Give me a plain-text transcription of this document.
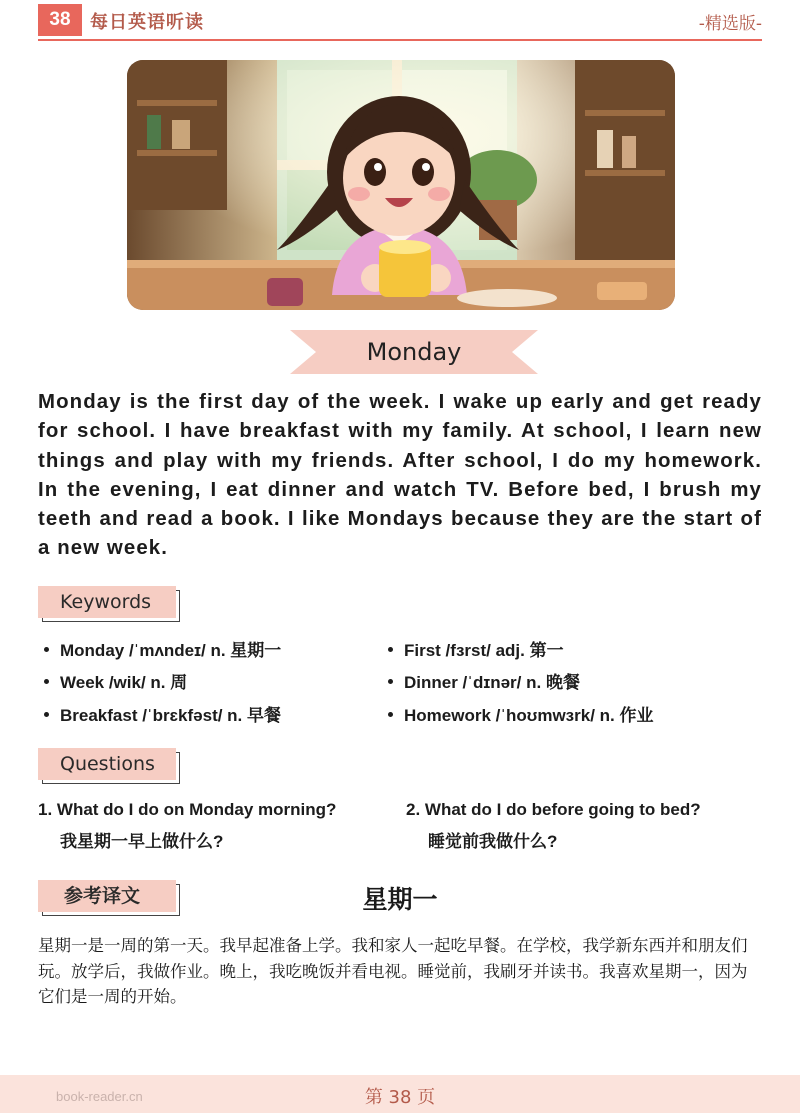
38	每日英语听读	-精选版-
Monday
Monday is the first day of the week. I wake up early and get ready for school. I have breakfast with my family. At school, I learn new things and play with my friends. After school, I do my homework. In the evening, I eat dinner and watch TV. Before bed, I brush my teeth and read a book. I like Mondays because they are the start of a new week.
Keywords
Monday /ˈmʌndeɪ/ n. 星期一
Week /wik/ n. 周
Breakfast /ˈbrɛkfəst/ n. 早餐
First /fɜrst/ adj. 第一
Dinner /ˈdɪnər/ n. 晚餐
Homework /ˈhoʊmwɜrk/ n. 作业
Questions
1. What do I do on Monday morning?
我星期一早上做什么?
2. What do I do before going to bed?
睡觉前我做什么?
参考译文	星期一
星期一是一周的第一天。我早起准备上学。我和家人一起吃早餐。在学校，我学新东西并和朋友们玩。放学后，我做作业。晚上，我吃晚饭并看电视。睡觉前，我刷牙并读书。我喜欢星期一，因为它们是一周的开始。
book-reader.cn	第 38 页
